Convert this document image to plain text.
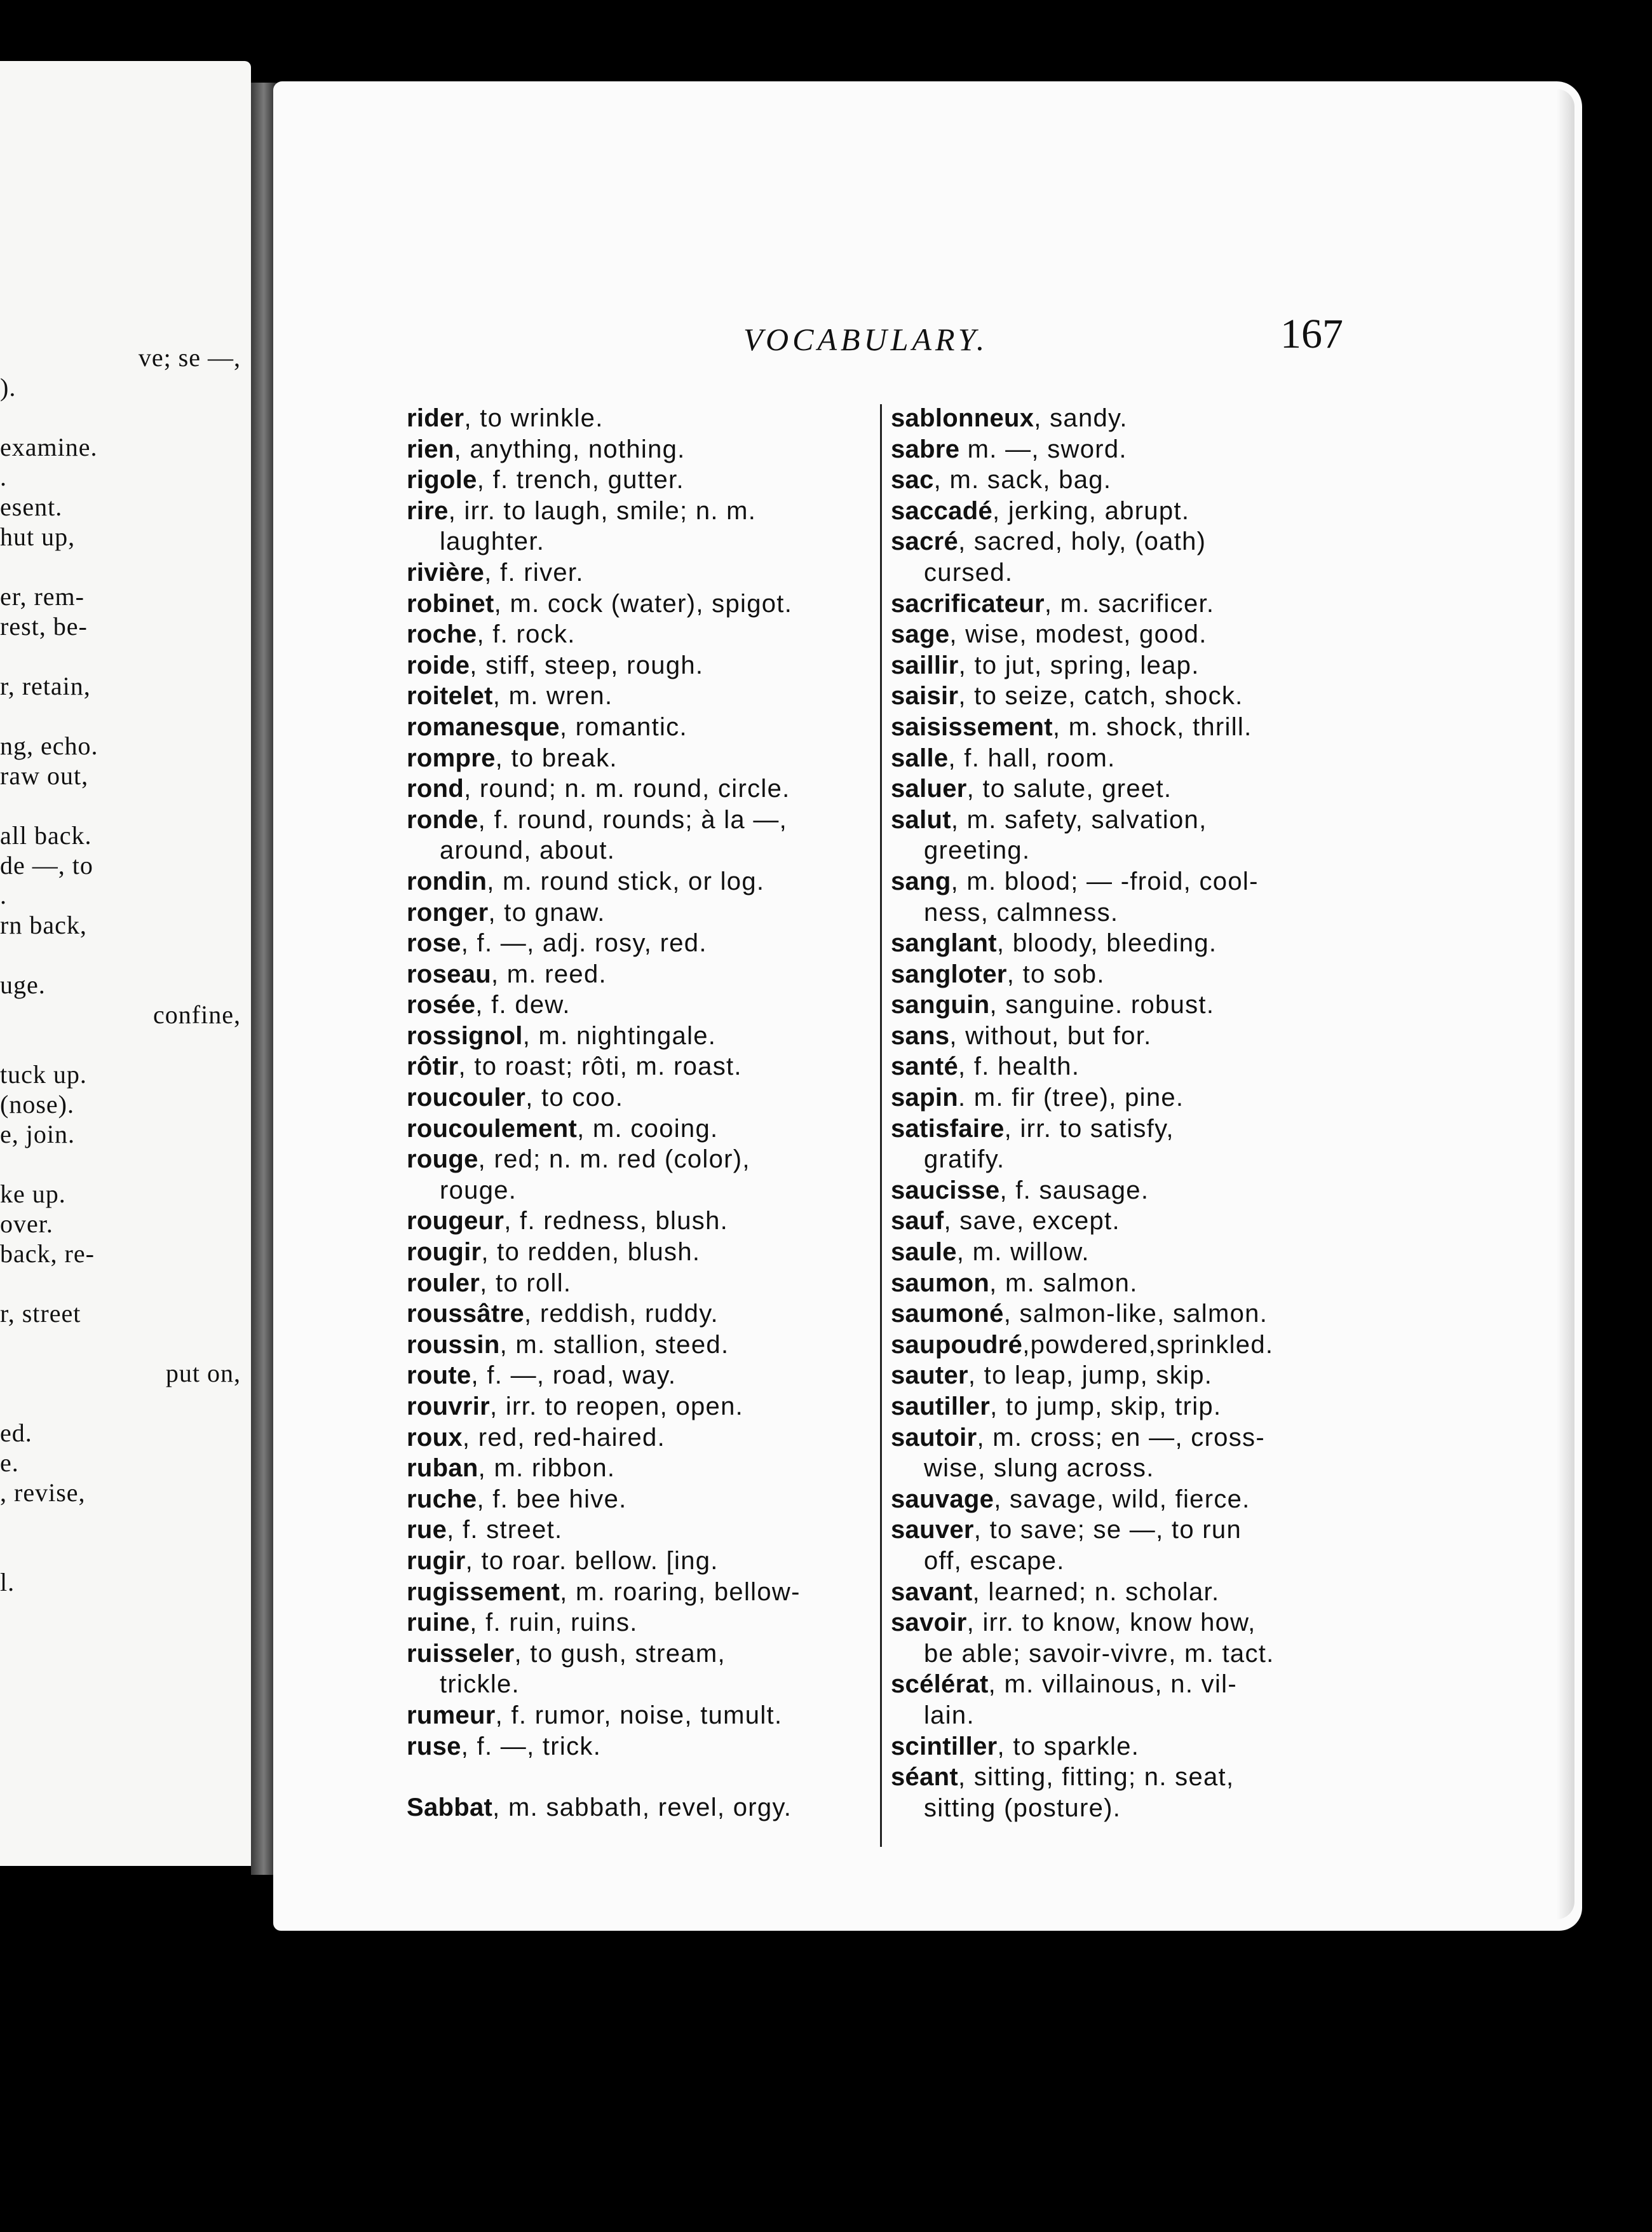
ve; se —,
).
examine.
.
esent.
hut up,
er, rem-
rest, be-
r, retain,
ng, echo.
raw out,
all back.
de —, to
.
rn back,
uge.
confine,
tuck up.
(nose).
e, join.
ke up.
over.
back, re-
r, street
put on,
ed.
e.
, revise,
l.
VOCABULARY.	167
rider, to wrinkle.
rien, anything, nothing.
rigole, f. trench, gutter.
rire, irr. to laugh, smile; n. m.
laughter.
rivière, f. river.
robinet, m. cock (water), spigot.
roche, f. rock.
roide, stiff, steep, rough.
roitelet, m. wren.
romanesque, romantic.
rompre, to break.
rond, round; n. m. round, circle.
ronde, f. round, rounds; à la —,
around, about.
rondin, m. round stick, or log.
ronger, to gnaw.
rose, f. —, adj. rosy, red.
roseau, m. reed.
rosée, f. dew.
rossignol, m. nightingale.
rôtir, to roast; rôti, m. roast.
roucouler, to coo.
roucoulement, m. cooing.
rouge, red; n. m. red (color),
rouge.
rougeur, f. redness, blush.
rougir, to redden, blush.
rouler, to roll.
roussâtre, reddish, ruddy.
roussin, m. stallion, steed.
route, f. —, road, way.
rouvrir, irr. to reopen, open.
roux, red, red-haired.
ruban, m. ribbon.
ruche, f. bee hive.
rue, f. street.
rugir, to roar. bellow. [ing.
rugissement, m. roaring, bellow-
ruine, f. ruin, ruins.
ruisseler, to gush, stream,
trickle.
rumeur, f. rumor, noise, tumult.
ruse, f. —, trick.
Sabbat, m. sabbath, revel, orgy.
sablonneux, sandy.
sabre m. —, sword.
sac, m. sack, bag.
saccadé, jerking, abrupt.
sacré, sacred, holy, (oath)
cursed.
sacrificateur, m. sacrificer.
sage, wise, modest, good.
saillir, to jut, spring, leap.
saisir, to seize, catch, shock.
saisissement, m. shock, thrill.
salle, f. hall, room.
saluer, to salute, greet.
salut, m. safety, salvation,
greeting.
sang, m. blood; — -froid, cool-
ness, calmness.
sanglant, bloody, bleeding.
sangloter, to sob.
sanguin, sanguine. robust.
sans, without, but for.
santé, f. health.
sapin. m. fir (tree), pine.
satisfaire, irr. to satisfy,
gratify.
saucisse, f. sausage.
sauf, save, except.
saule, m. willow.
saumon, m. salmon.
saumoné, salmon-like, salmon.
saupoudré,powdered,sprinkled.
sauter, to leap, jump, skip.
sautiller, to jump, skip, trip.
sautoir, m. cross; en —, cross-
wise, slung across.
sauvage, savage, wild, fierce.
sauver, to save; se —, to run
off, escape.
savant, learned; n. scholar.
savoir, irr. to know, know how,
be able; savoir-vivre, m. tact.
scélérat, m. villainous, n. vil-
lain.
scintiller, to sparkle.
séant, sitting, fitting; n. seat,
sitting (posture).
